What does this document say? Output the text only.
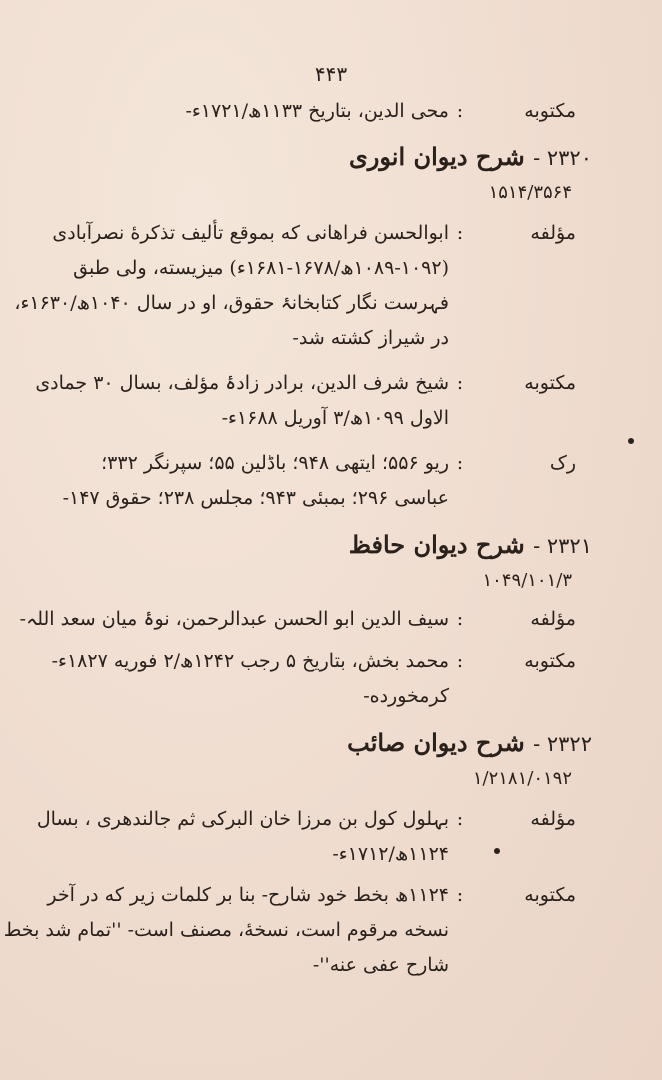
۴۴۳
مکتوبه:محی الدین، بتاریخ ۱۱۳۳ھ/۱۷۲۱ء-
۲۳۲۰ - شرح دیوان انوری
۱۵۱۴/۳۵۶۴
مؤلفه:ابوالحسن فراهانی که بموقع تألیف تذکرهٔ نصرآبادی
(۱۰۸۹-۱۰۹۲ھ/۱۶۷۸-۱۶۸۱ء) میزیسته، ولی طبق
فہرست نگار کتابخانۂ حقوق، او در سال ۱۰۴۰ھ/۱۶۳۰ء،
در شیراز کشته شد-
مکتوبه:شیخ شرف الدین، برادر زادۂ مؤلف، بسال ۳۰ جمادی
الاول ۱۰۹۹ھ/۳ آوریل ۱۶۸۸ء-
رک:ریو ۵۵۶؛ ایتھی ۹۴۸؛ باڈلین ۵۵؛ سپرنگر ۳۳۲؛
عباسی ۲۹۶؛ بمبئی ۹۴۳؛ مجلس ۲۳۸؛ حقوق ۱۴۷-
۲۳۲۱ - شرح دیوان حافظ
۱۰۴۹/۱۰۱/۳
مؤلفه:سیف الدین ابو الحسن عبدالرحمن، نوۂ میان سعد اللہ-
مکتوبه:محمد بخش، بتاریخ ۵ رجب ۱۲۴۲ھ/۲ فوریه ۱۸۲۷ء-
کرمخورده-
۲۳۲۲ - شرح دیوان صائب
۱/۲۱۸۱/۰۱۹۲
مؤلفه:بہلول کول بن مرزا خان البرکی ثم جالندھری ، بسال
۱۱۲۴ھ/۱۷۱۲ء-
مکتوبه:۱۱۲۴ھ بخط خود شارح- بنا بر کلمات زیر که در آخر
نسخه مرقوم است، نسخهٔ، مصنف است- ''تمام شد بخط
شارح عفی عنه''-
